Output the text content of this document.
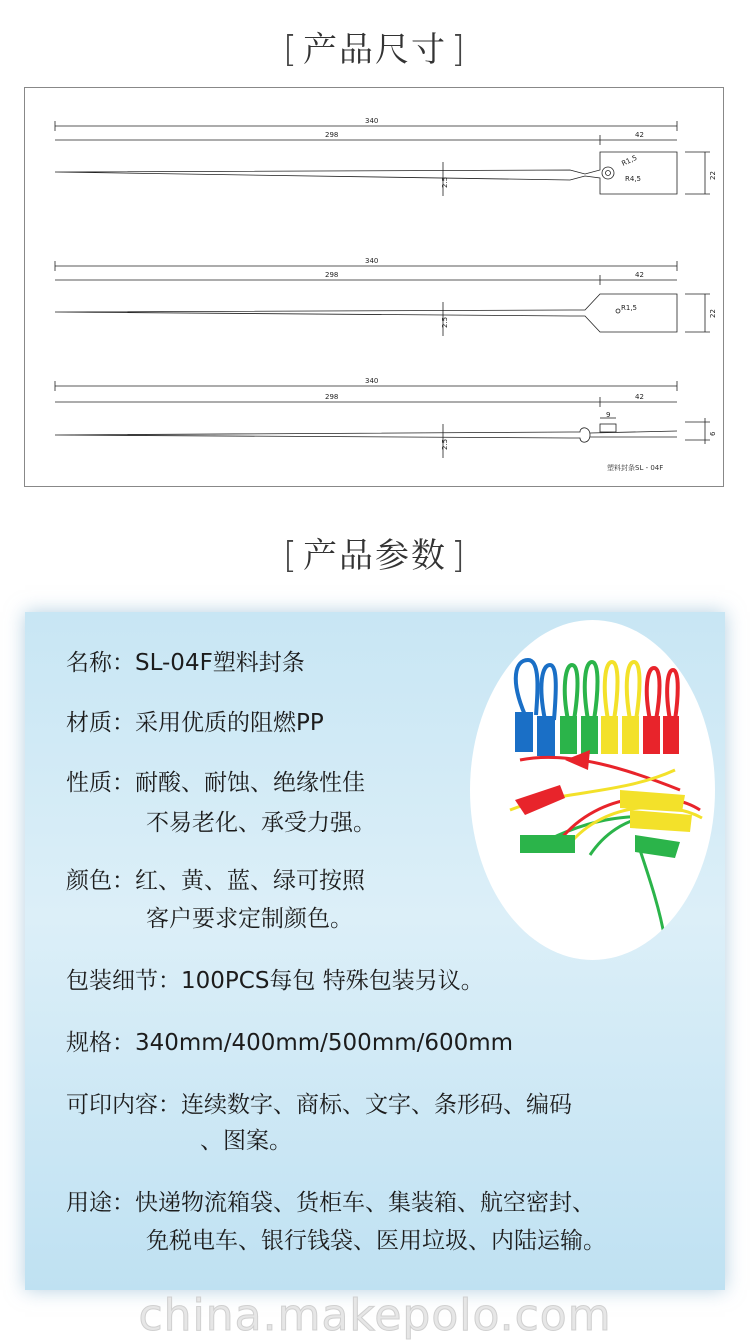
[ 产品尺寸 ]
340
298	42
R1,5
R4,5
2.5
22
340
298	42
R1,5
2.5
22
340
298	42
9
2.5
6
塑料封条SL - 04F
[ 产品参数 ]
名称：SL-04F塑料封条
材质：采用优质的阻燃PP
性质：耐酸、耐蚀、绝缘性佳
不易老化、承受力强。
颜色：红、黄、蓝、绿可按照
客户要求定制颜色。
包装细节：100PCS每包 特殊包装另议。
规格：340mm/400mm/500mm/600mm
可印内容：连续数字、商标、文字、条形码、编码
、图案。
用途：快递物流箱袋、货柜车、集装箱、航空密封、
免税电车、银行钱袋、医用垃圾、内陆运输。
china.makepolo.com
